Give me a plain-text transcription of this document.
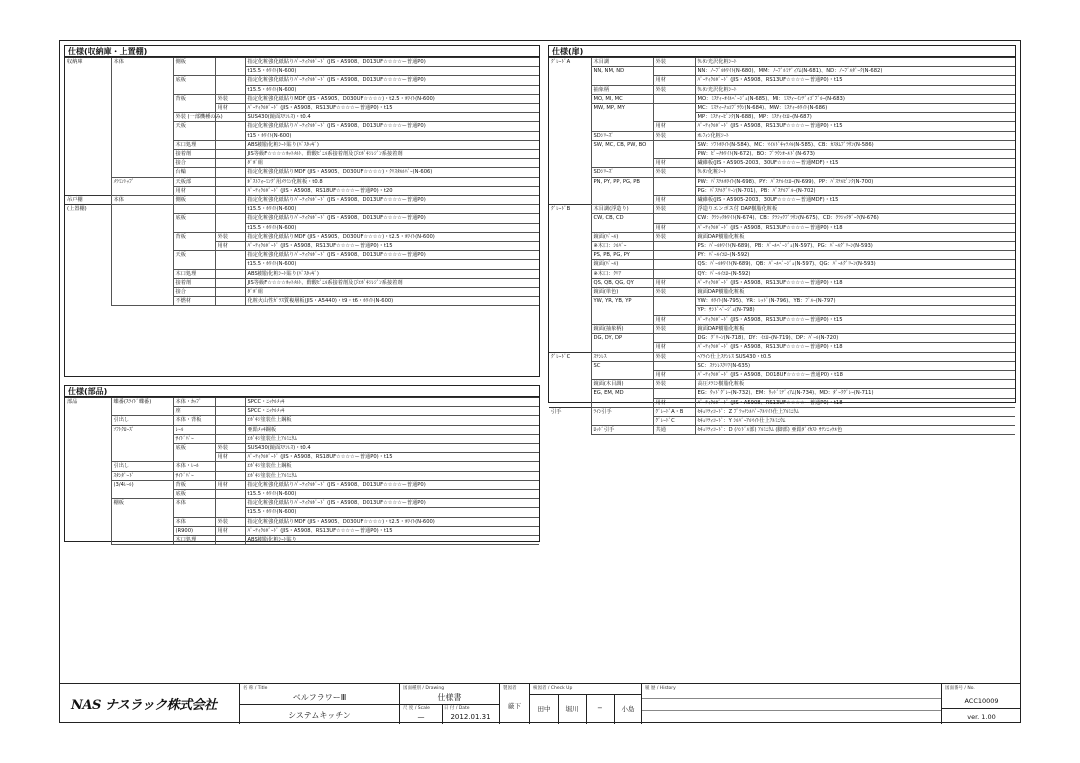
仕様(収納庫・上置棚)
収納庫	本体	側板		指定化粧強化紙貼りﾊﾟｰﾃｨｸﾙﾎﾞｰﾄﾞ (JIS・A5908、D013UF☆☆☆☆ー普通P0)
				t15.5・ﾎﾜｲﾄ(N-600)
		底板		指定化粧強化紙貼りﾊﾟｰﾃｨｸﾙﾎﾞｰﾄﾞ (JIS・A5908、D013UF☆☆☆☆ー普通P0)
				t15.5・ﾎﾜｲﾄ(N-600)
		背板	外装	指定化粧強化紙貼りMDF (JIS・A5905、D030UF☆☆☆☆)・t2.5・ﾎﾜｲﾄ(N-600)
			用材	ﾊﾟｰﾃｨｸﾙﾎﾞｰﾄﾞ (JIS・A5908、RS13UF☆☆☆☆ー普通P0)・t15
		外装 (一部機種のみ)		SUS430(鏡面ｽﾃﾝﾚｽ)・t0.4
		天板		指定化粧強化紙貼りﾊﾟｰﾃｨｸﾙﾎﾞｰﾄﾞ (JIS・A5908、D013UF☆☆☆☆ー普通P0)
				t15・ﾎﾜｲﾄ(N-600)
		木口処理		ABS樹脂化粧ｼｰﾄ貼り(ﾊﾟｽﾀｯｷﾞ)
		接着剤		JIS等級F☆☆☆☆ﾎｯﾄﾒﾙﾄ、酢酸ﾋﾞﾆﾙ系接着剤及びｴﾎﾟｷｼﾚｼﾞﾝ系接着剤
		接合		ﾀﾞﾎﾞ組
		台輪		指定化粧強化紙貼りMDF (JIS・A5905、D030UF☆☆☆☆)・ｸﾘｽﾀﾙﾙﾊﾞｰ(N-606)
	ﾒﾗﾐﾝﾄｯﾌﾟ	天板部		ﾎﾟｽﾄﾌｫｰﾐﾝｸﾞ用ﾒﾗﾐﾝ化粧板・t0.8
		用材		ﾊﾟｰﾃｨｸﾙﾎﾞｰﾄﾞ (JIS・A5908、RS18UF☆☆☆☆ー普通P0)・t20
吊戸棚	本体	側板		指定化粧強化紙貼りﾊﾟｰﾃｨｸﾙﾎﾞｰﾄﾞ (JIS・A5908、D013UF☆☆☆☆ー普通P0)
(上置棚)				t15.5・ﾎﾜｲﾄ(N-600)
		底板		指定化粧強化紙貼りﾊﾟｰﾃｨｸﾙﾎﾞｰﾄﾞ (JIS・A5908、D013UF☆☆☆☆ー普通P0)
				t15.5・ﾎﾜｲﾄ(N-600)
		背板	外装	指定化粧強化紙貼りMDF (JIS・A5905、D030UF☆☆☆☆)・t2.5・ﾎﾜｲﾄ(N-600)
			用材	ﾊﾟｰﾃｨｸﾙﾎﾞｰﾄﾞ (JIS・A5908、RS13UF☆☆☆☆ー普通P0)・t15
		天板		指定化粧強化紙貼りﾊﾟｰﾃｨｸﾙﾎﾞｰﾄﾞ (JIS・A5908、D013UF☆☆☆☆ー普通P0)
				t15.5・ﾎﾜｲﾄ(N-600)
		木口処理		ABS樹脂化粧ｼｰﾄ貼り(ﾊﾟｽﾀｯｷﾞ)
		接着剤		JIS等級F☆☆☆☆ﾎｯﾄﾒﾙﾄ、酢酸ﾋﾞﾆﾙ系接着剤及びｴﾎﾟｷｼﾚｼﾞﾝ系接着剤
		接合		ﾀﾞﾎﾞ組
		不燃材		化粧火山性ｶﾞﾗｽ質複層板(JIS・A5440)・t9・t6・ﾎﾜｲﾄ(N-600)
仕様(部品)
部品	蝶番(ｽﾗｲﾄﾞ蝶番)	本体・ｶｯﾌﾟ		SPCC・ﾆｯｹﾙﾒｯｷ
		座		SPCC・ﾆｯｹﾙﾒｯｷ
	引出し	本体・背板		ｴﾎﾟｷｼ塗装仕上鋼板
	ｿﾌﾄｸﾛｰｽﾞ	ﾚｰﾙ		亜鉛ﾒｯｷ鋼板
		ｻｲﾄﾞﾊﾞｰ		ｴﾎﾟｷｼ塗装仕上ｱﾙﾐﾆｳﾑ
		底板	外装	SUS430(鏡面ｽﾃﾝﾚｽ)・t0.4
			用材	ﾊﾟｰﾃｨｸﾙﾎﾞｰﾄﾞ (JIS・A5908、RS18UF☆☆☆☆ー普通P0)・t15
	引出し	本体・ﾚｰﾙ		ｴﾎﾟｷｼ塗装仕上鋼板
	ｽﾀﾝﾀﾞｰﾄﾞ	ｻｲﾄﾞﾊﾞｰ		ｴﾎﾟｷｼ塗装仕上ｱﾙﾐﾆｳﾑ
	(3/4ﾚｰﾙ)	背板	用材	指定化粧強化紙貼りﾊﾟｰﾃｨｸﾙﾎﾞｰﾄﾞ (JIS・A5908、D013UF☆☆☆☆ー普通P0)
		底板		t15.5・ﾎﾜｲﾄ(N-600)
	棚板	本体		指定化粧強化紙貼りﾊﾟｰﾃｨｸﾙﾎﾞｰﾄﾞ (JIS・A5908、D013UF☆☆☆☆ー普通P0)
				t15.5・ﾎﾜｲﾄ(N-600)
		本体	外装	指定化粧強化紙貼りMDF (JIS・A5905、D030UF☆☆☆☆)・t2.5・ﾎﾜｲﾄ(N-600)
		(R900)	用材	ﾊﾟｰﾃｨｸﾙﾎﾞｰﾄﾞ (JIS・A5908、RS13UF☆☆☆☆ー普通P0)・t15
		木口処理		ABS樹脂化粧ｼｰﾄ貼り
仕様(扉)
ｸﾞﾚｰﾄﾞA	木目調	外装	ｳﾚﾀﾝ光沢化粧ｼｰﾄ
	NN, NM, ND		NN：ﾉｰﾌﾞﾙﾎﾜｲﾄ(N-680)、MM：ﾉｰﾌﾞﾙﾐﾃﾞｨｱﾑ(N-681)、ND：ﾉｰﾌﾞﾙﾀﾞｰｸ(N-682)
		用材	ﾊﾟｰﾃｨｸﾙﾎﾞｰﾄﾞ (JIS・A5908、RS13UF☆☆☆☆ー普通P0)・t15
	抽象柄	外装	ｳﾚﾀﾝ光沢化粧ｼｰﾄ
	MO, MI, MC		MO：ﾐｽﾃｨｰｵｲﾙﾍﾞｰｼﾞｭ(N-685)、MI：ﾐｽﾃｨｰｲﾝﾃﾞｨｺﾞﾌﾞﾙｰ(N-683)
	MW, MP, MY		MC：ﾐｽﾃｨｰﾁｮｺﾌﾞﾗｳﾝ(N-684)、MW：ﾐｽﾃｨｰﾎﾜｲﾄ(N-686)
			MP：ﾐｽﾃｨｰﾋﾟﾝｸ(N-688)、MP：ﾐｽﾃｨｲｴﾛｰ(N-687)
		用材	ﾊﾟｰﾃｨｸﾙﾎﾞｰﾄﾞ (JIS・A5908、RS13UF☆☆☆☆ー普通P0)・t15
	SDｼﾘｰｽﾞ	外装	ｵﾚﾌｨﾝ化粧ｼｰﾄ
	SW, MC, CB, PW, BO		SW：ｿﾌﾄﾎﾜｲﾄ(N-584)、MC：ﾏｲﾙﾄﾞｷｬﾗﾒﾙ(N-585)、CB：ｶｽﾀﾑﾌﾞﾗｳﾝ(N-586)
			PW：ﾋﾟｰﾁﾎﾜｲﾄ(N-672)、BO：ﾌﾞﾗｳﾝｵｰﾙﾄﾞ(N-673)
		用材	繊維板(JIS・A5905-2003、30UF☆☆☆☆ー普通MDF)・t15
	SDｼﾘｰｽﾞ	外装	ｳﾚﾀﾝ化粧ｼｰﾄ
	PN, PY, PP, PG, PB		PW：ﾊﾟｽﾃﾙﾎﾜｲﾄ(N-698)、PY：ﾊﾟｽﾃﾙｲｴﾛｰ(N-699)、PP：ﾊﾟｽﾃﾙﾋﾟﾝｸ(N-700)
			PG：ﾊﾟｽﾃﾙｸﾞﾘｰﾝ(N-701)、PB：ﾊﾟｽﾃﾙﾌﾞﾙｰ(N-702)
		用材	繊維板(JIS・A5905-2003、30UF☆☆☆☆ー普通MDF)・t15
ｸﾞﾚｰﾄﾞB	木目調(浮造り)	外装	浮造りエンボス付 DAP樹脂化粧板
	CW, CB, CD		CW：ｸﾗｼｯｸﾎﾜｲﾄ(N-674)、CB：ｸﾗｼｯｸﾌﾞﾗｳﾝ(N-675)、CD：ｸﾗｼｯｸﾀﾞｰｸ(N-676)
		用材	ﾊﾟｰﾃｨｸﾙﾎﾞｰﾄﾞ (JIS・A5908、RS13UF☆☆☆☆ー普通P0)・t18
	鏡面(ﾊﾟｰﾙ)	外装	鏡面DAP樹脂化粧板
	※木口：ｼﾙﾊﾞｰ		PS：ﾊﾟｰﾙﾎﾜｲﾄ(N-689)、PB：ﾊﾟｰﾙﾍﾞｰｼﾞｭ(N-597)、PG：ﾊﾟｰﾙｸﾞﾘｰﾝ(N-593)
	PS, PB, PG, PY		PY：ﾊﾟｰﾙｲｴﾛｰ(N-592)
	鏡面(ﾊﾟｰﾙ)		QS：ﾊﾟｰﾙﾎﾜｲﾄ(N-689)、QB：ﾊﾟｰﾙﾍﾞｰｼﾞｭ(N-597)、QG：ﾊﾟｰﾙｸﾞﾘｰﾝ(N-593)
	※木口：ｸﾘｱ		QY：ﾊﾟｰﾙｲｴﾛｰ(N-592)
	QS, QB, QG, QY	用材	ﾊﾟｰﾃｨｸﾙﾎﾞｰﾄﾞ (JIS・A5908、RS13UF☆☆☆☆ー普通P0)・t18
	鏡面(単色)	外装	鏡面DAP樹脂化粧板
	YW, YR, YB, YP		YW：ﾎﾜｲﾄ(N-795)、YR：ﾚｯﾄﾞ(N-796)、YB：ﾌﾞﾙｰ(N-797)
			YP：ｻﾝﾄﾞﾍﾞｰｼﾞｭ(N-798)
		用材	ﾊﾟｰﾃｨｸﾙﾎﾞｰﾄﾞ (JIS・A5908、RS13UF☆☆☆☆ー普通P0)・t15
	鏡面(抽象柄)	外装	鏡面DAP樹脂化粧板
	DG, DY, DP		DG：ｸﾞﾘｰﾝ(N-718)、DY：ｲｴﾛｰ(N-719)、DP：ﾊﾟｰﾙ(N-720)
		用材	ﾊﾟｰﾃｨｸﾙﾎﾞｰﾄﾞ (JIS・A5908、RS13UF☆☆☆☆ー普通P0)・t18
ｸﾞﾚｰﾄﾞC	ｽﾃﾝﾚｽ	外装	ﾍｱﾗｲﾝ仕上ｽﾃﾝﾚｽ SUS430・t0.5
	SC		SC：ｽﾃﾝﾚｽｸﾘｱ(N-635)
		用材	ﾊﾟｰﾃｨｸﾙﾎﾞｰﾄﾞ (JIS・A5908、D018UF☆☆☆☆ー普通P0)・t18
	鏡面(木目調)	外装	高圧ﾒﾗﾐﾝ樹脂化粧板
	EG, EM, MD		EG：ｳｯﾄﾞｸﾞﾚｰ(N-732)、EM：ｳｯﾄﾞﾐﾃﾞｨｱﾑ(N-734)、MD：ﾀﾞｰｸｸﾞﾚｰ(N-711)
		用材	ﾊﾟｰﾃｨｸﾙﾎﾞｰﾄﾞ (JIS・A5908、RS13UF☆☆☆☆ー普通P0)・t18
引手	ﾗｲﾝ引手	ｸﾞﾚｰﾄﾞA・B	ｾｷｭﾘﾃｨｺｰﾄﾞ：Z ﾌﾟﾗｯﾁﾝﾙﾊﾞｰｱﾙﾏｲﾄ仕上ｱﾙﾐﾆｳﾑ
		ｸﾞﾚｰﾄﾞC	ｾｷｭﾘﾃｨｺｰﾄﾞ：Y ｼﾙﾊﾞｰｱﾙﾏｲﾄ仕上ｱﾙﾐﾆｳﾑ
	ﾛｯﾄﾞ引手	共通	ｾｷｭﾘﾃｨｺｰﾄﾞ：D (ﾊﾝﾄﾞﾙ部) ｱﾙﾐﾆｳﾑ (脚部) 亜鉛ﾀﾞｲｶｽﾄ ｻﾃﾝﾆｯｹﾙ色
NAS ナスラック株式会社
名 称 / Title
ベルフラワーⅢ
システムキッチン
図面種別 / Drawing
仕様書
尺 度 / Scale
—
日 付 / Date
2012.01.31
製図者
厳下
検図者 / Check Up
田中	堀川	−	小島
履 歴 / History	図面番号 / No.
ACC10009
ver. 1.00
